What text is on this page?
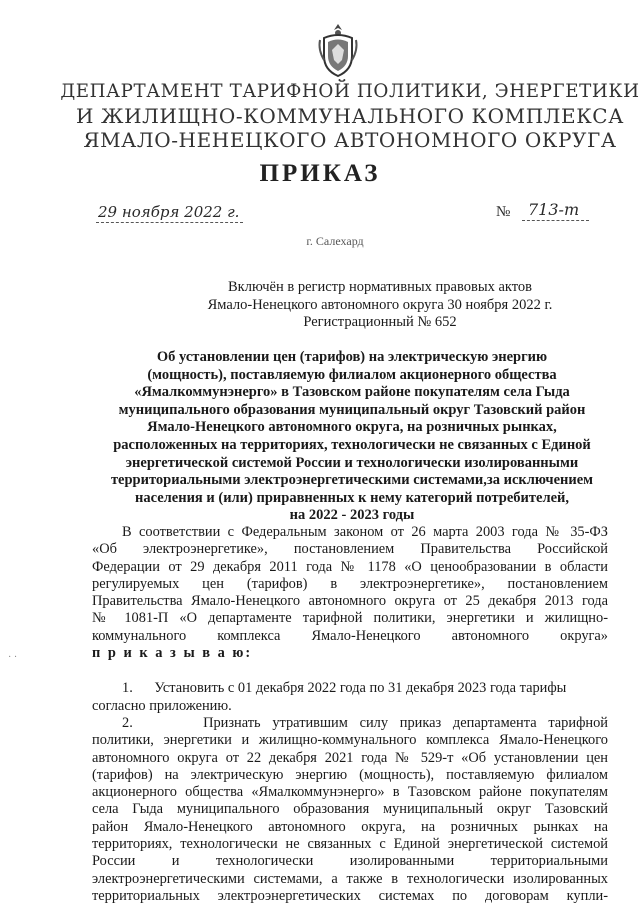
ДЕПАРТАМЕНТ ТАРИФНОЙ ПОЛИТИКИ, ЭНЕРГЕТИКИ
И ЖИЛИЩНО-КОММУНАЛЬНОГО КОМПЛЕКСА
ЯМАЛО-НЕНЕЦКОГО АВТОНОМНОГО ОКРУГА
ПРИКАЗ
29 ноября 2022 г.	№	713-т
г. Салехард
Включён в регистр нормативных правовых актов
Ямало-Ненецкого автономного округа 30 ноября 2022 г.
Регистрационный № 652
Об установлении цен (тарифов) на электрическую энергию
(мощность), поставляемую филиалом акционерного общества
«Ямалкоммунэнерго» в Тазовском районе покупателям села Гыда
муниципального образования муниципальный округ Тазовский район
Ямало-Ненецкого автономного округа, на розничных рынках,
расположенных на территориях, технологически не связанных с Единой
энергетической системой России и технологически изолированными
территориальными электроэнергетическими системами,за исключением
населения и (или) приравненных к нему категорий потребителей,
на 2022 - 2023 годы
В соответствии с Федеральным законом от 26 марта 2003 года № 35-ФЗ
«Об электроэнергетике», постановлением Правительства Российской
Федерации от 29 декабря 2011 года № 1178 «О ценообразовании в области
регулируемых цен (тарифов) в электроэнергетике», постановлением
Правительства Ямало-Ненецкого автономного округа от 25 декабря 2013 года
№ 1081-П «О департаменте тарифной политики, энергетики и жилищно-
коммунального комплекса Ямало-Ненецкого автономного округа»
п р и к а з ы в а ю:
1.      Установить с 01 декабря 2022 года по 31 декабря 2023 года тарифы
согласно приложению.
2.      Признать утратившим силу приказ департамента тарифной
политики, энергетики и жилищно-коммунального комплекса Ямало-Ненецкого
автономного округа от 22 декабря 2021 года № 529-т «Об установлении цен
(тарифов) на электрическую энергию (мощность), поставляемую филиалом
акционерного общества «Ямалкоммунэнерго» в Тазовском районе покупателям
села Гыда муниципального образования муниципальный округ Тазовский
район Ямало-Ненецкого автономного округа, на розничных рынках на
территориях, технологически не связанных с Единой энергетической системой
России и технологически изолированными территориальными
электроэнергетическими системами, а также в технологически изолированных
территориальных электроэнергетических системах по договорам купли-
· ·
